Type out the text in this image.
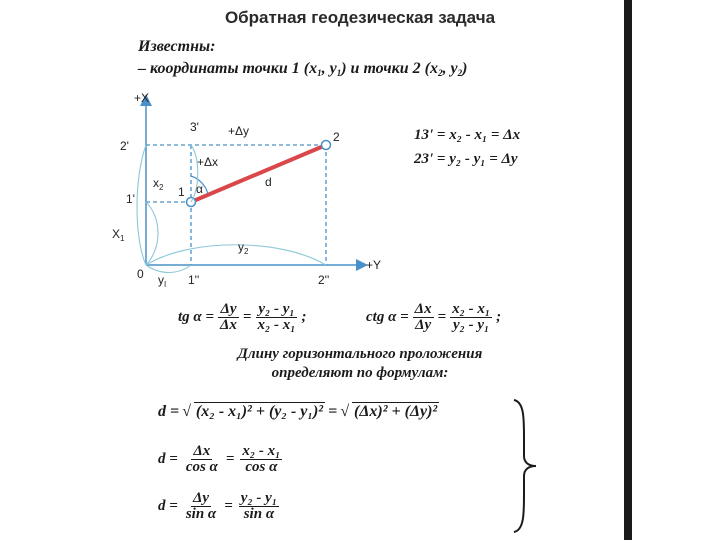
Обратная геодезическая задача
Известны:
– координаты точки 1 ($x_1$, $y_1$) и точки 2 ($x_2$, $y_2$)
+X
+Y
0
2
1
3'
2'
1'
1''	2''
+Δy
+Δx
α	d
$x_2$
$X_1$
$y_2$
$y_I$
13' = x₂ - x₁ = Δx
23' = y₂ - y₁ = Δy
tg $\alpha = \frac{\Delta y}{\Delta x} = \frac{\text{y₂ - y₁}}{\text{x₂ - x₁}}$ ;	ctg $\alpha = \frac{\Delta x}{\Delta y} = \frac{\text{x₂ - x₁}}{\text{y₂ - y₁}}$ ;
Длину горизонтального проложения
определяют по формулам:
d = √ (x₂ - x₁)² + (y₂ - y₁)² = √ (Δx)² + (Δy)²
$d = \frac{\Delta x}{\text{cos α}} = \frac{\text{x₂ - x₁}}{\text{cos α}}$
$d = \frac{\Delta y}{\text{sin α}} = \frac{\text{y₂ - y₁}}{\text{sin α}}$
